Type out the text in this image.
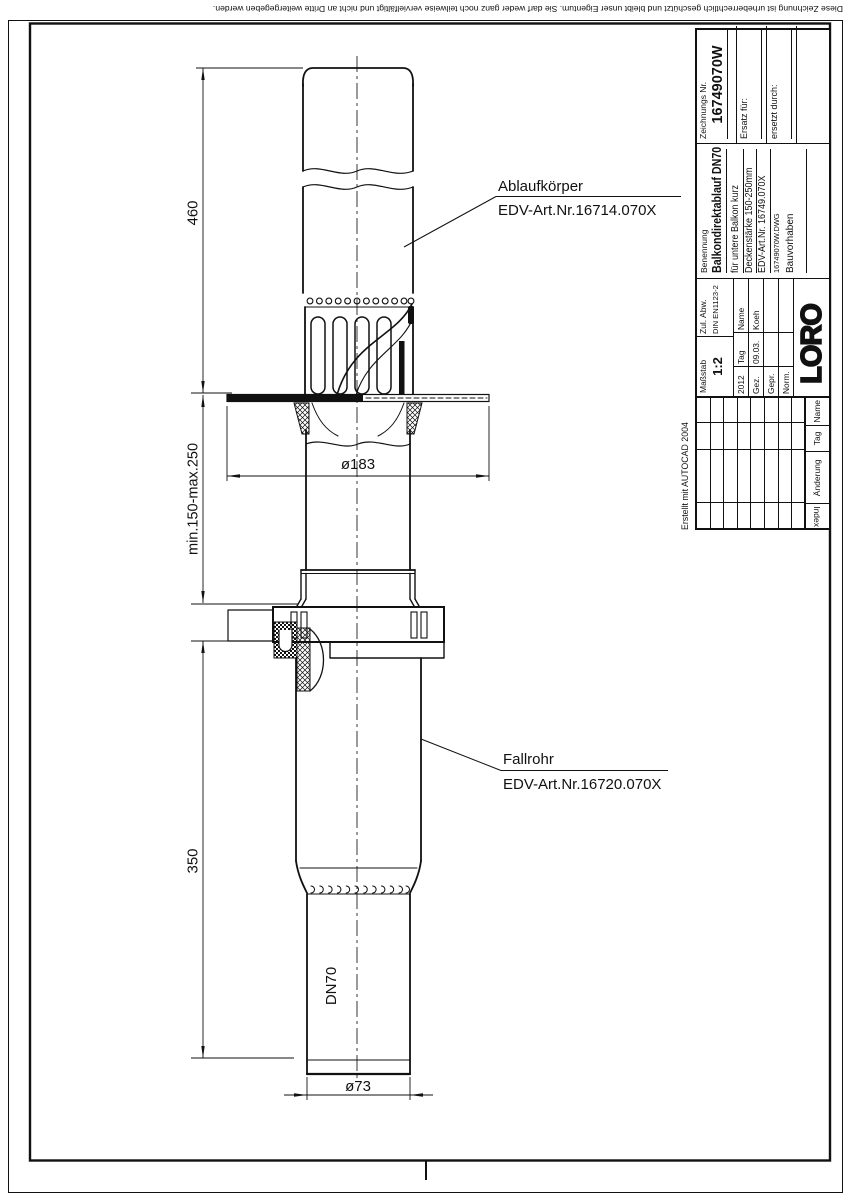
460
min.150-max.250
350
ø183
ø73
DN70
Ablaufkörper
EDV-Art.Nr.16714.070X
Fallrohr
EDV-Art.Nr.16720.070X
Diese Zeichnung ist urheberrechtlich geschützt und bleibt unser Eigentum. Sie darf weder ganz noch teilweise vervielfältigt und nicht an Dritte weitergegeben werden.
Erstellt mit AUTOCAD 2004	Index
Änderung
Tag
Name
Maßstab 1:2
Zul. Abw. DIN EN1123-2
2012
Tag
Name
Gez.
09.03.
Koeh
Gepr. Norm. LORO
Benennung Balkondirektablauf DN70 für untere Balkon kurz Deckenstärke 150-250mm EDV-Art.Nr. 16749.070X 16749070W.DWG Bauvorhaben
Zeichnungs Nr. 16749070W Ersatz für:	ersetzt durch:
